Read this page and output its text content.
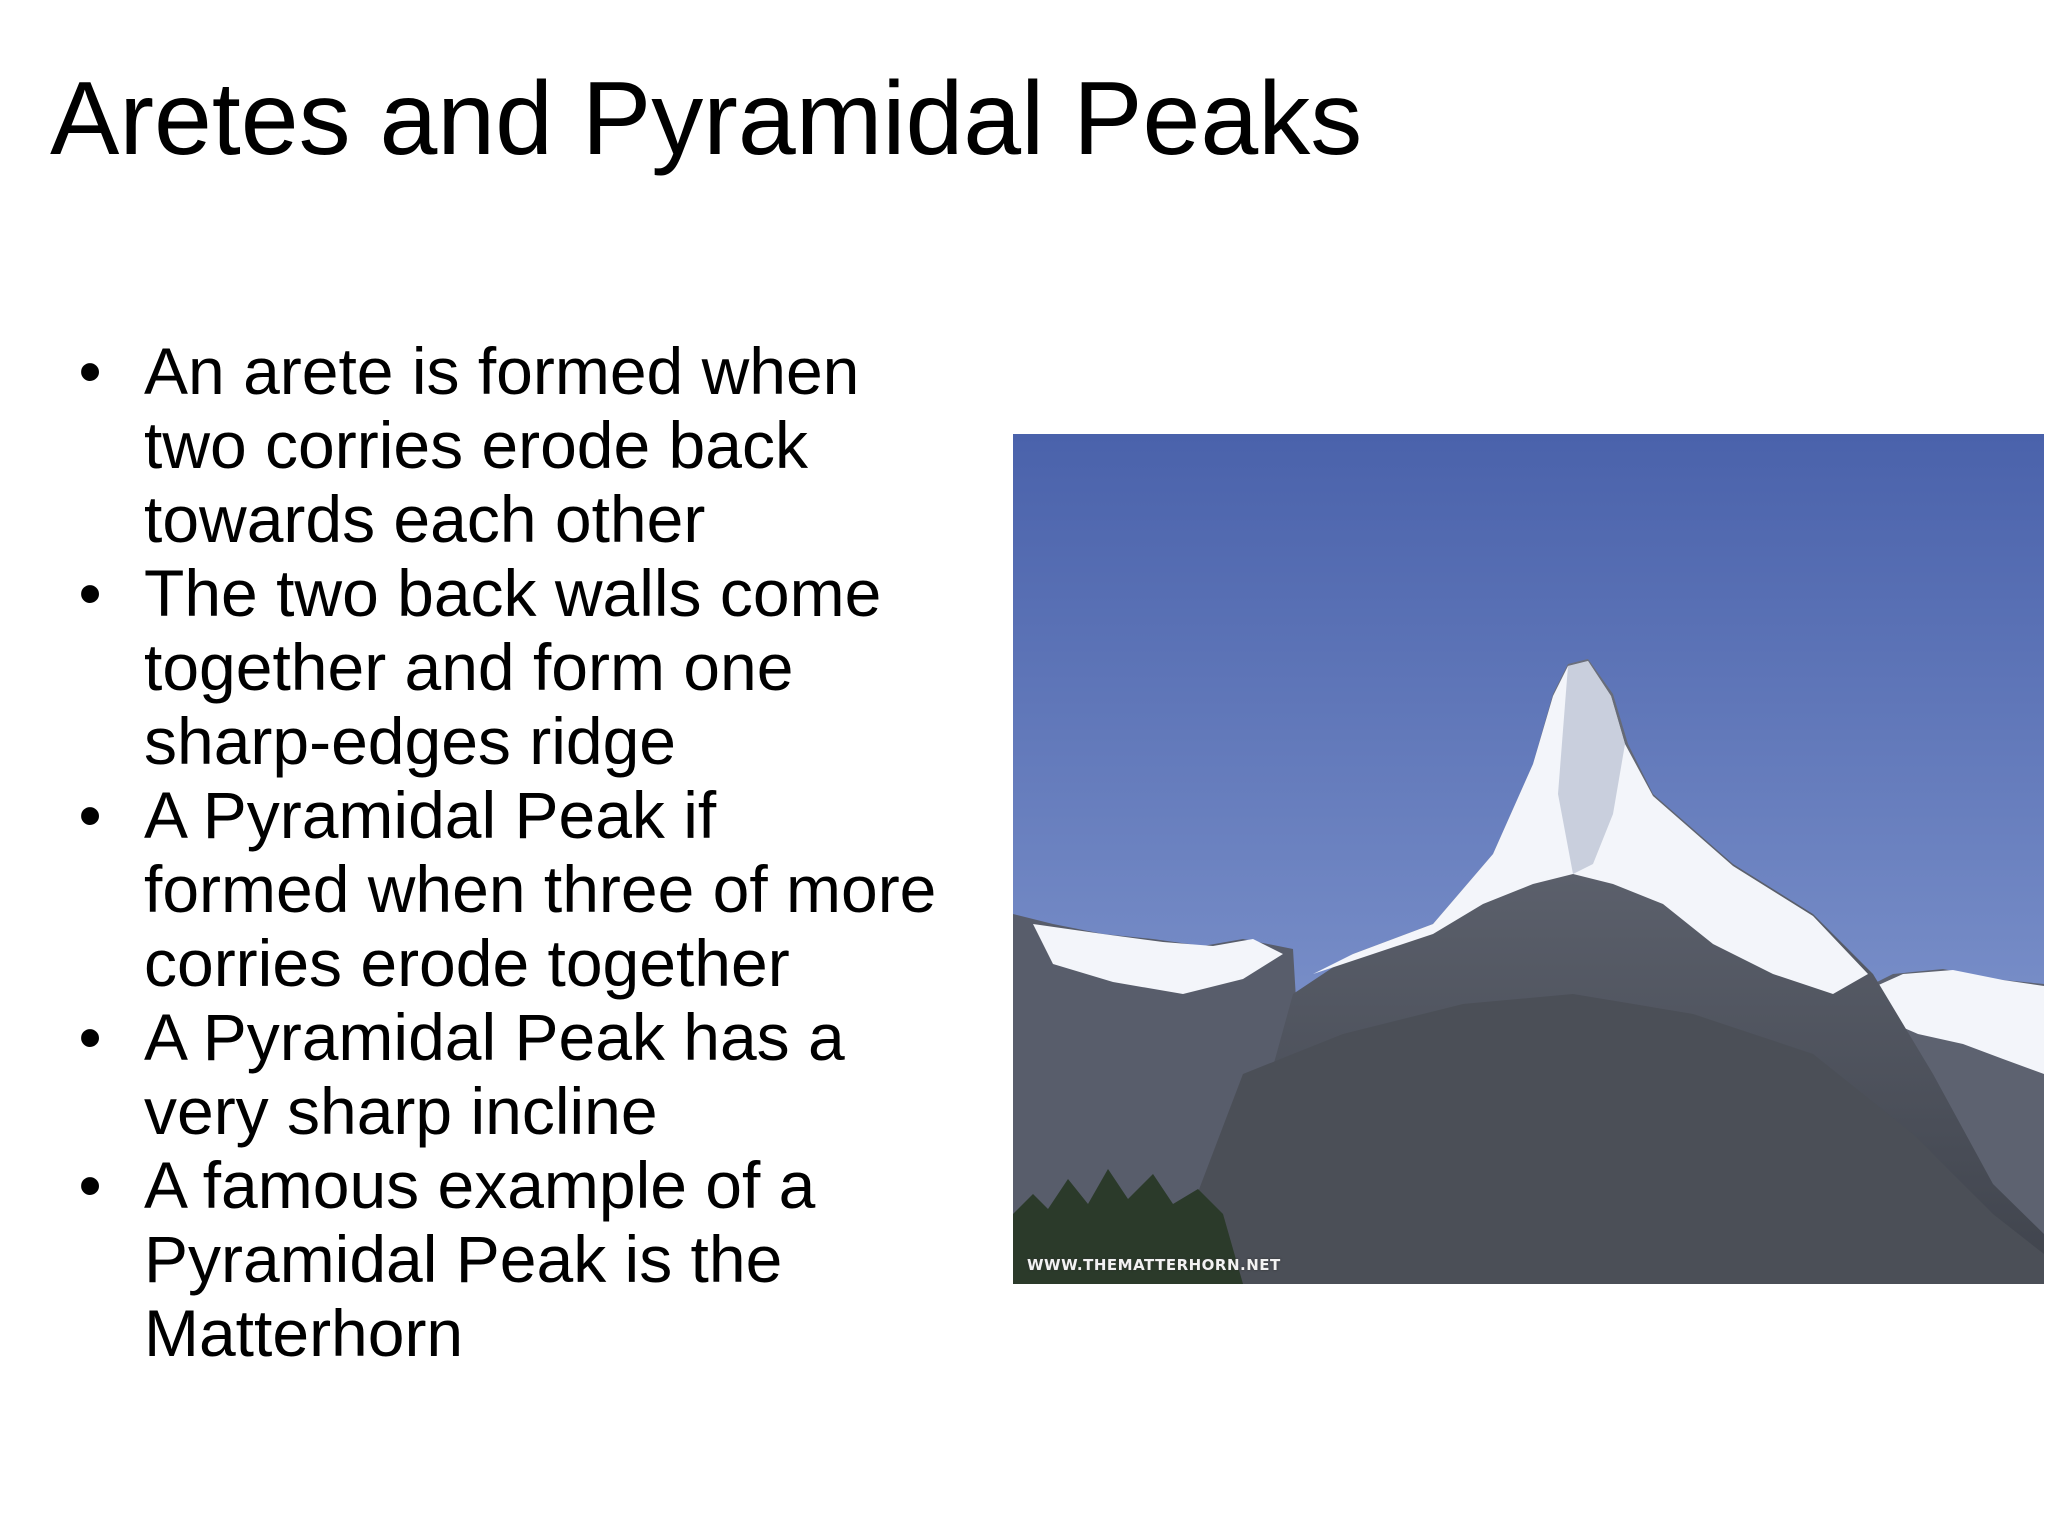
Aretes and Pyramidal Peaks
• An arete is formed when
two corries erode back
towards each other
• The two back walls come
together and form one
sharp-edges ridge
• A Pyramidal Peak if
formed when three of more
corries erode together
• A Pyramidal Peak has a
very sharp incline
• A famous example of a
Pyramidal Peak is the
Matterhorn
WWW.THEMATTERHORN.NET
